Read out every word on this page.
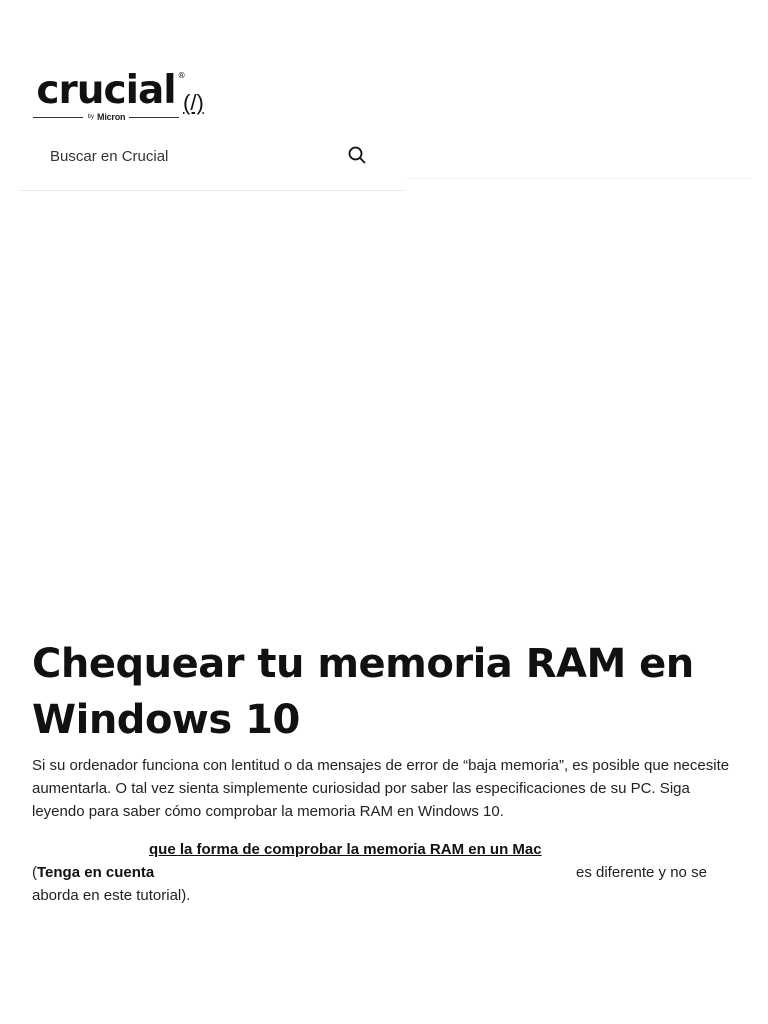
crucial ®
by Micron
(/)
Buscar en Crucial
Chequear tu memoria RAM en Windows 10

Si su ordenador funciona con lentitud o da mensajes de error de “baja memoria”, es posible que necesite aumentarla. O tal vez sienta simplemente curiosidad por saber las especificaciones de su PC. Siga leyendo para saber cómo comprobar la memoria RAM en Windows 10.

que la forma de comprobar la memoria RAM en un Mac
( Tenga en cuenta	es diferente y no se
aborda en este tutorial).
